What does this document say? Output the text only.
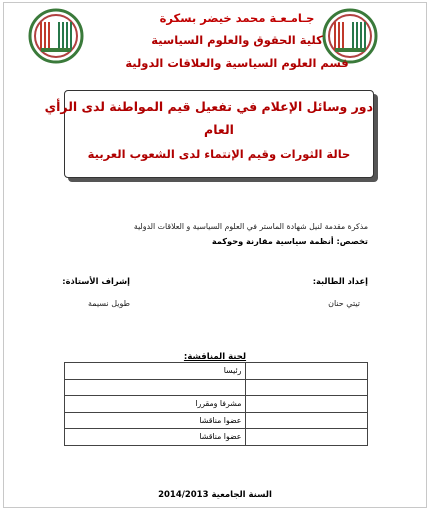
جـامـعـة محمد خيضر بسكرة
كلية الحقوق والعلوم السياسية
قسم العلوم السياسية والعلاقات الدولية
دور وسائل الإعلام في تفعيل قيم المواطنة لدى الرأي
العام
حالة الثورات وقيم الإنتماء لدى الشعوب العربية
مذكرة مقدمة لنيل شهادة الماستر في العلوم السياسية و العلاقات الدولية
تخصص: أنظمة سياسية مقارنة وحوكمة
إعداد الطالبة:
تيتي حنان
إشراف الأستاذة:
طويل نسيمة
لجنة المناقشة:
رئيسا	

مشرفا ومقررا	
عضوا مناقشا	
عضوا مناقشا	
السنة الجامعية 2014/2013
